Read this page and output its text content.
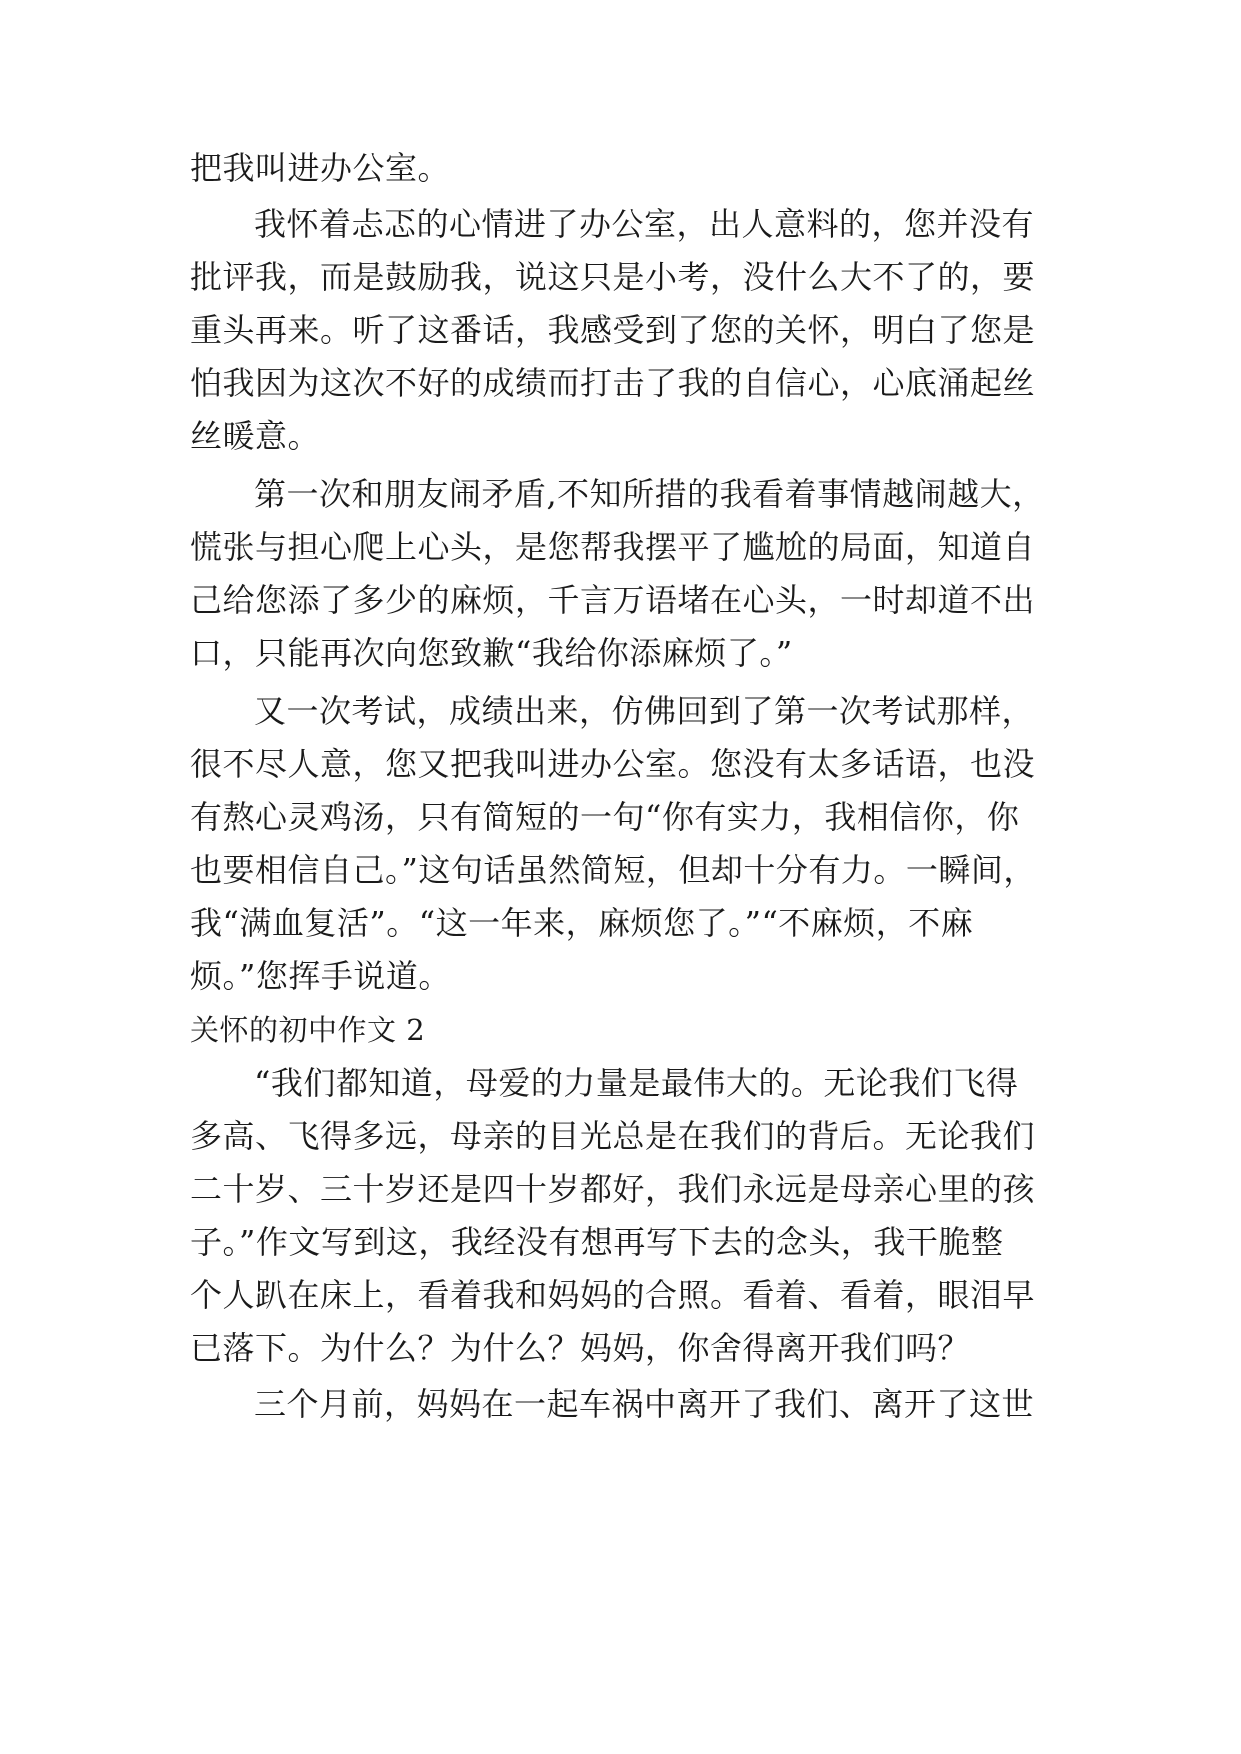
把我叫进办公室。
我怀着忐忑的心情进了办公室，出人意料的，您并没有
批评我，而是鼓励我，说这只是小考，没什么大不了的，要
重头再来。听了这番话，我感受到了您的关怀，明白了您是
怕我因为这次不好的成绩而打击了我的自信心，心底涌起丝
丝暖意。
第一次和朋友闹矛盾,不知所措的我看着事情越闹越大，
慌张与担心爬上心头，是您帮我摆平了尴尬的局面，知道自
己给您添了多少的麻烦，千言万语堵在心头，一时却道不出
口，只能再次向您致歉“我给你添麻烦了。”
又一次考试，成绩出来，仿佛回到了第一次考试那样，
很不尽人意，您又把我叫进办公室。您没有太多话语，也没
有熬心灵鸡汤，只有简短的一句“你有实力，我相信你，你
也要相信自己。”这句话虽然简短，但却十分有力。一瞬间，
我“满血复活”。“这一年来，麻烦您了。”“不麻烦，不麻
烦。”您挥手说道。
关怀的初中作文 2
“我们都知道，母爱的力量是最伟大的。无论我们飞得
多高、飞得多远，母亲的目光总是在我们的背后。无论我们
二十岁、三十岁还是四十岁都好，我们永远是母亲心里的孩
子。”作文写到这，我经没有想再写下去的念头，我干脆整
个人趴在床上，看着我和妈妈的合照。看着、看着，眼泪早
已落下。为什么？为什么？妈妈，你舍得离开我们吗？
三个月前，妈妈在一起车祸中离开了我们、离开了这世
